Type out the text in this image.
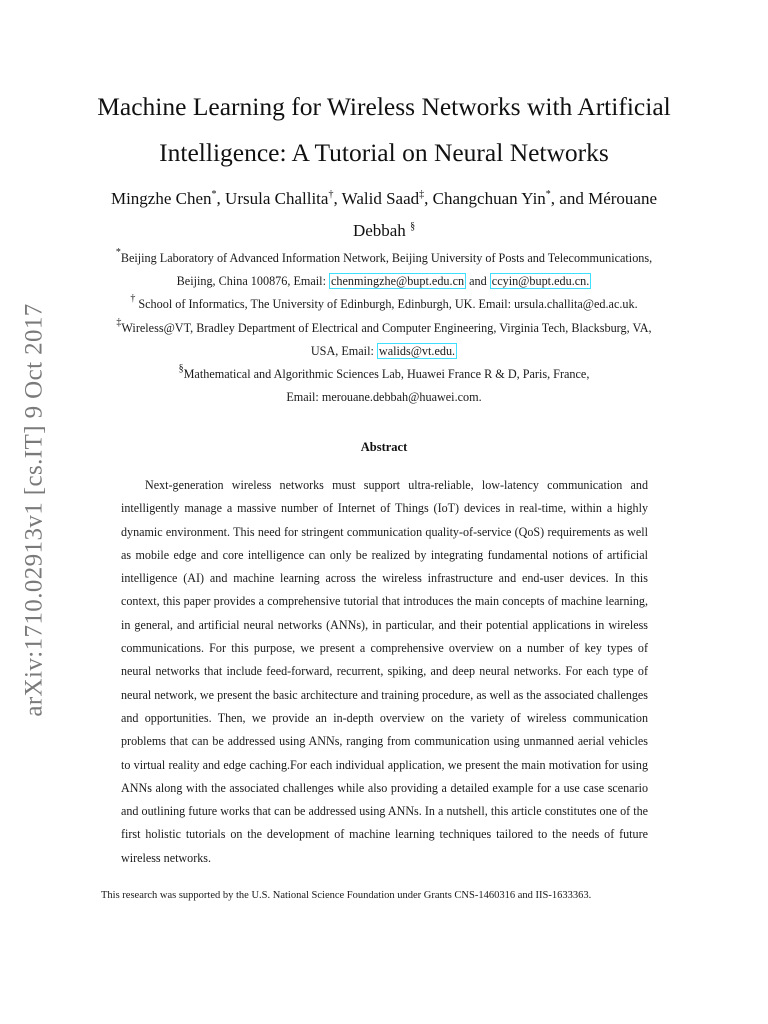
arXiv:1710.02913v1 [cs.IT] 9 Oct 2017
Machine Learning for Wireless Networks with Artificial
Intelligence: A Tutorial on Neural Networks
Mingzhe Chen*, Ursula Challita†, Walid Saad‡, Changchuan Yin*, and Mérouane
Debbah §

*Beijing Laboratory of Advanced Information Network, Beijing University of Posts and Telecommunications,

Beijing, China 100876, Email: chenmingzhe@bupt.edu.cn and ccyin@bupt.edu.cn.

† School of Informatics, The University of Edinburgh, Edinburgh, UK. Email: ursula.challita@ed.ac.uk.

‡Wireless@VT, Bradley Department of Electrical and Computer Engineering, Virginia Tech, Blacksburg, VA,

USA, Email: walids@vt.edu.

§Mathematical and Algorithmic Sciences Lab, Huawei France R & D, Paris, France,

Email: merouane.debbah@huawei.com.

Abstract

Next-generation wireless networks must support ultra-reliable, low-latency communication and intelligently manage a massive number of Internet of Things (IoT) devices in real-time, within a highly dynamic environment. This need for stringent communication quality-of-service (QoS) requirements as well as mobile edge and core intelligence can only be realized by integrating fundamental notions of artificial intelligence (AI) and machine learning across the wireless infrastructure and end-user devices. In this context, this paper provides a comprehensive tutorial that introduces the main concepts of machine learning, in general, and artificial neural networks (ANNs), in particular, and their potential applications in wireless communications. For this purpose, we present a comprehensive overview on a number of key types of neural networks that include feed-forward, recurrent, spiking, and deep neural networks. For each type of neural network, we present the basic architecture and training procedure, as well as the associated challenges and opportunities. Then, we provide an in-depth overview on the variety of wireless communication problems that can be addressed using ANNs, ranging from communication using unmanned aerial vehicles to virtual reality and edge caching.For each individual application, we present the main motivation for using ANNs along with the associated challenges while also providing a detailed example for a use case scenario and outlining future works that can be addressed using ANNs. In a nutshell, this article constitutes one of the first holistic tutorials on the development of machine learning techniques tailored to the needs of future wireless networks.

This research was supported by the U.S. National Science Foundation under Grants CNS-1460316 and IIS-1633363.
